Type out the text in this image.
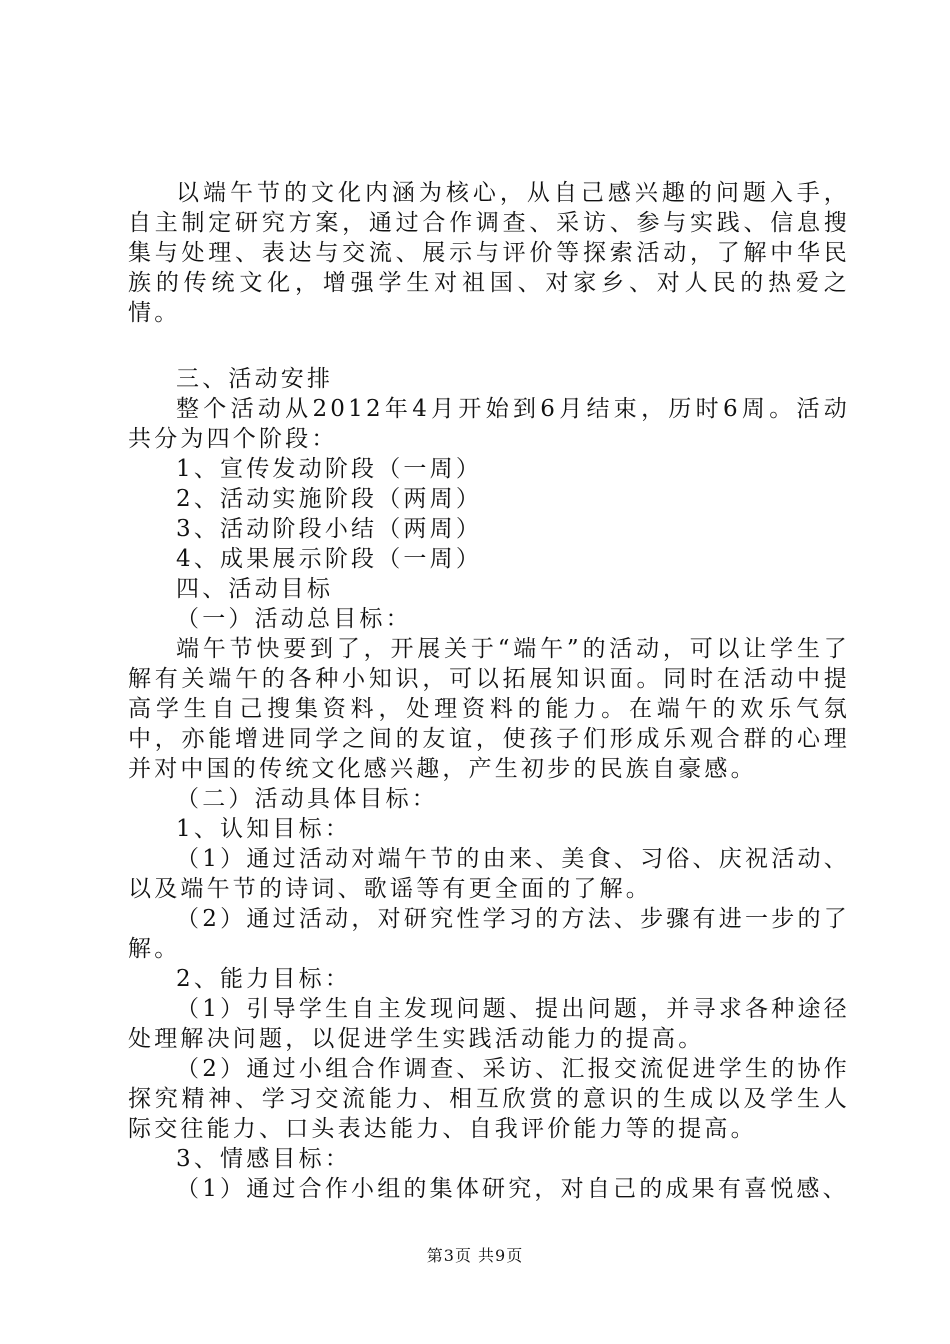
以端午节的文化内涵为核心，从自己感兴趣的问题入手，自主制定研究方案，通过合作调查、采访、参与实践、信息搜集与处理、表达与交流、展示与评价等探索活动，了解中华民族的传统文化，增强学生对祖国、对家乡、对人民的热爱之情。

三、活动安排

整个活动从2012年4月开始到6月结束，历时6周。活动共分为四个阶段：

1、宣传发动阶段（一周）

2、活动实施阶段（两周）

3、活动阶段小结（两周）

4、成果展示阶段（一周）

四、活动目标

（一）活动总目标：

端午节快要到了，开展关于“端午”的活动，可以让学生了解有关端午的各种小知识，可以拓展知识面。同时在活动中提高学生自己搜集资料，处理资料的能力。在端午的欢乐气氛中，亦能增进同学之间的友谊，使孩子们形成乐观合群的心理并对中国的传统文化感兴趣，产生初步的民族自豪感。

（二）活动具体目标：

1、认知目标：

（1）通过活动对端午节的由来、美食、习俗、庆祝活动、以及端午节的诗词、歌谣等有更全面的了解。

（2）通过活动，对研究性学习的方法、步骤有进一步的了解。

2、能力目标：

（1）引导学生自主发现问题、提出问题，并寻求各种途径处理解决问题，以促进学生实践活动能力的提高。

（2）通过小组合作调查、采访、汇报交流促进学生的协作探究精神、学习交流能力、相互欣赏的意识的生成以及学生人际交往能力、口头表达能力、自我评价能力等的提高。

3、情感目标：

（1）通过合作小组的集体研究，对自己的成果有喜悦感、

第3页 共9页
